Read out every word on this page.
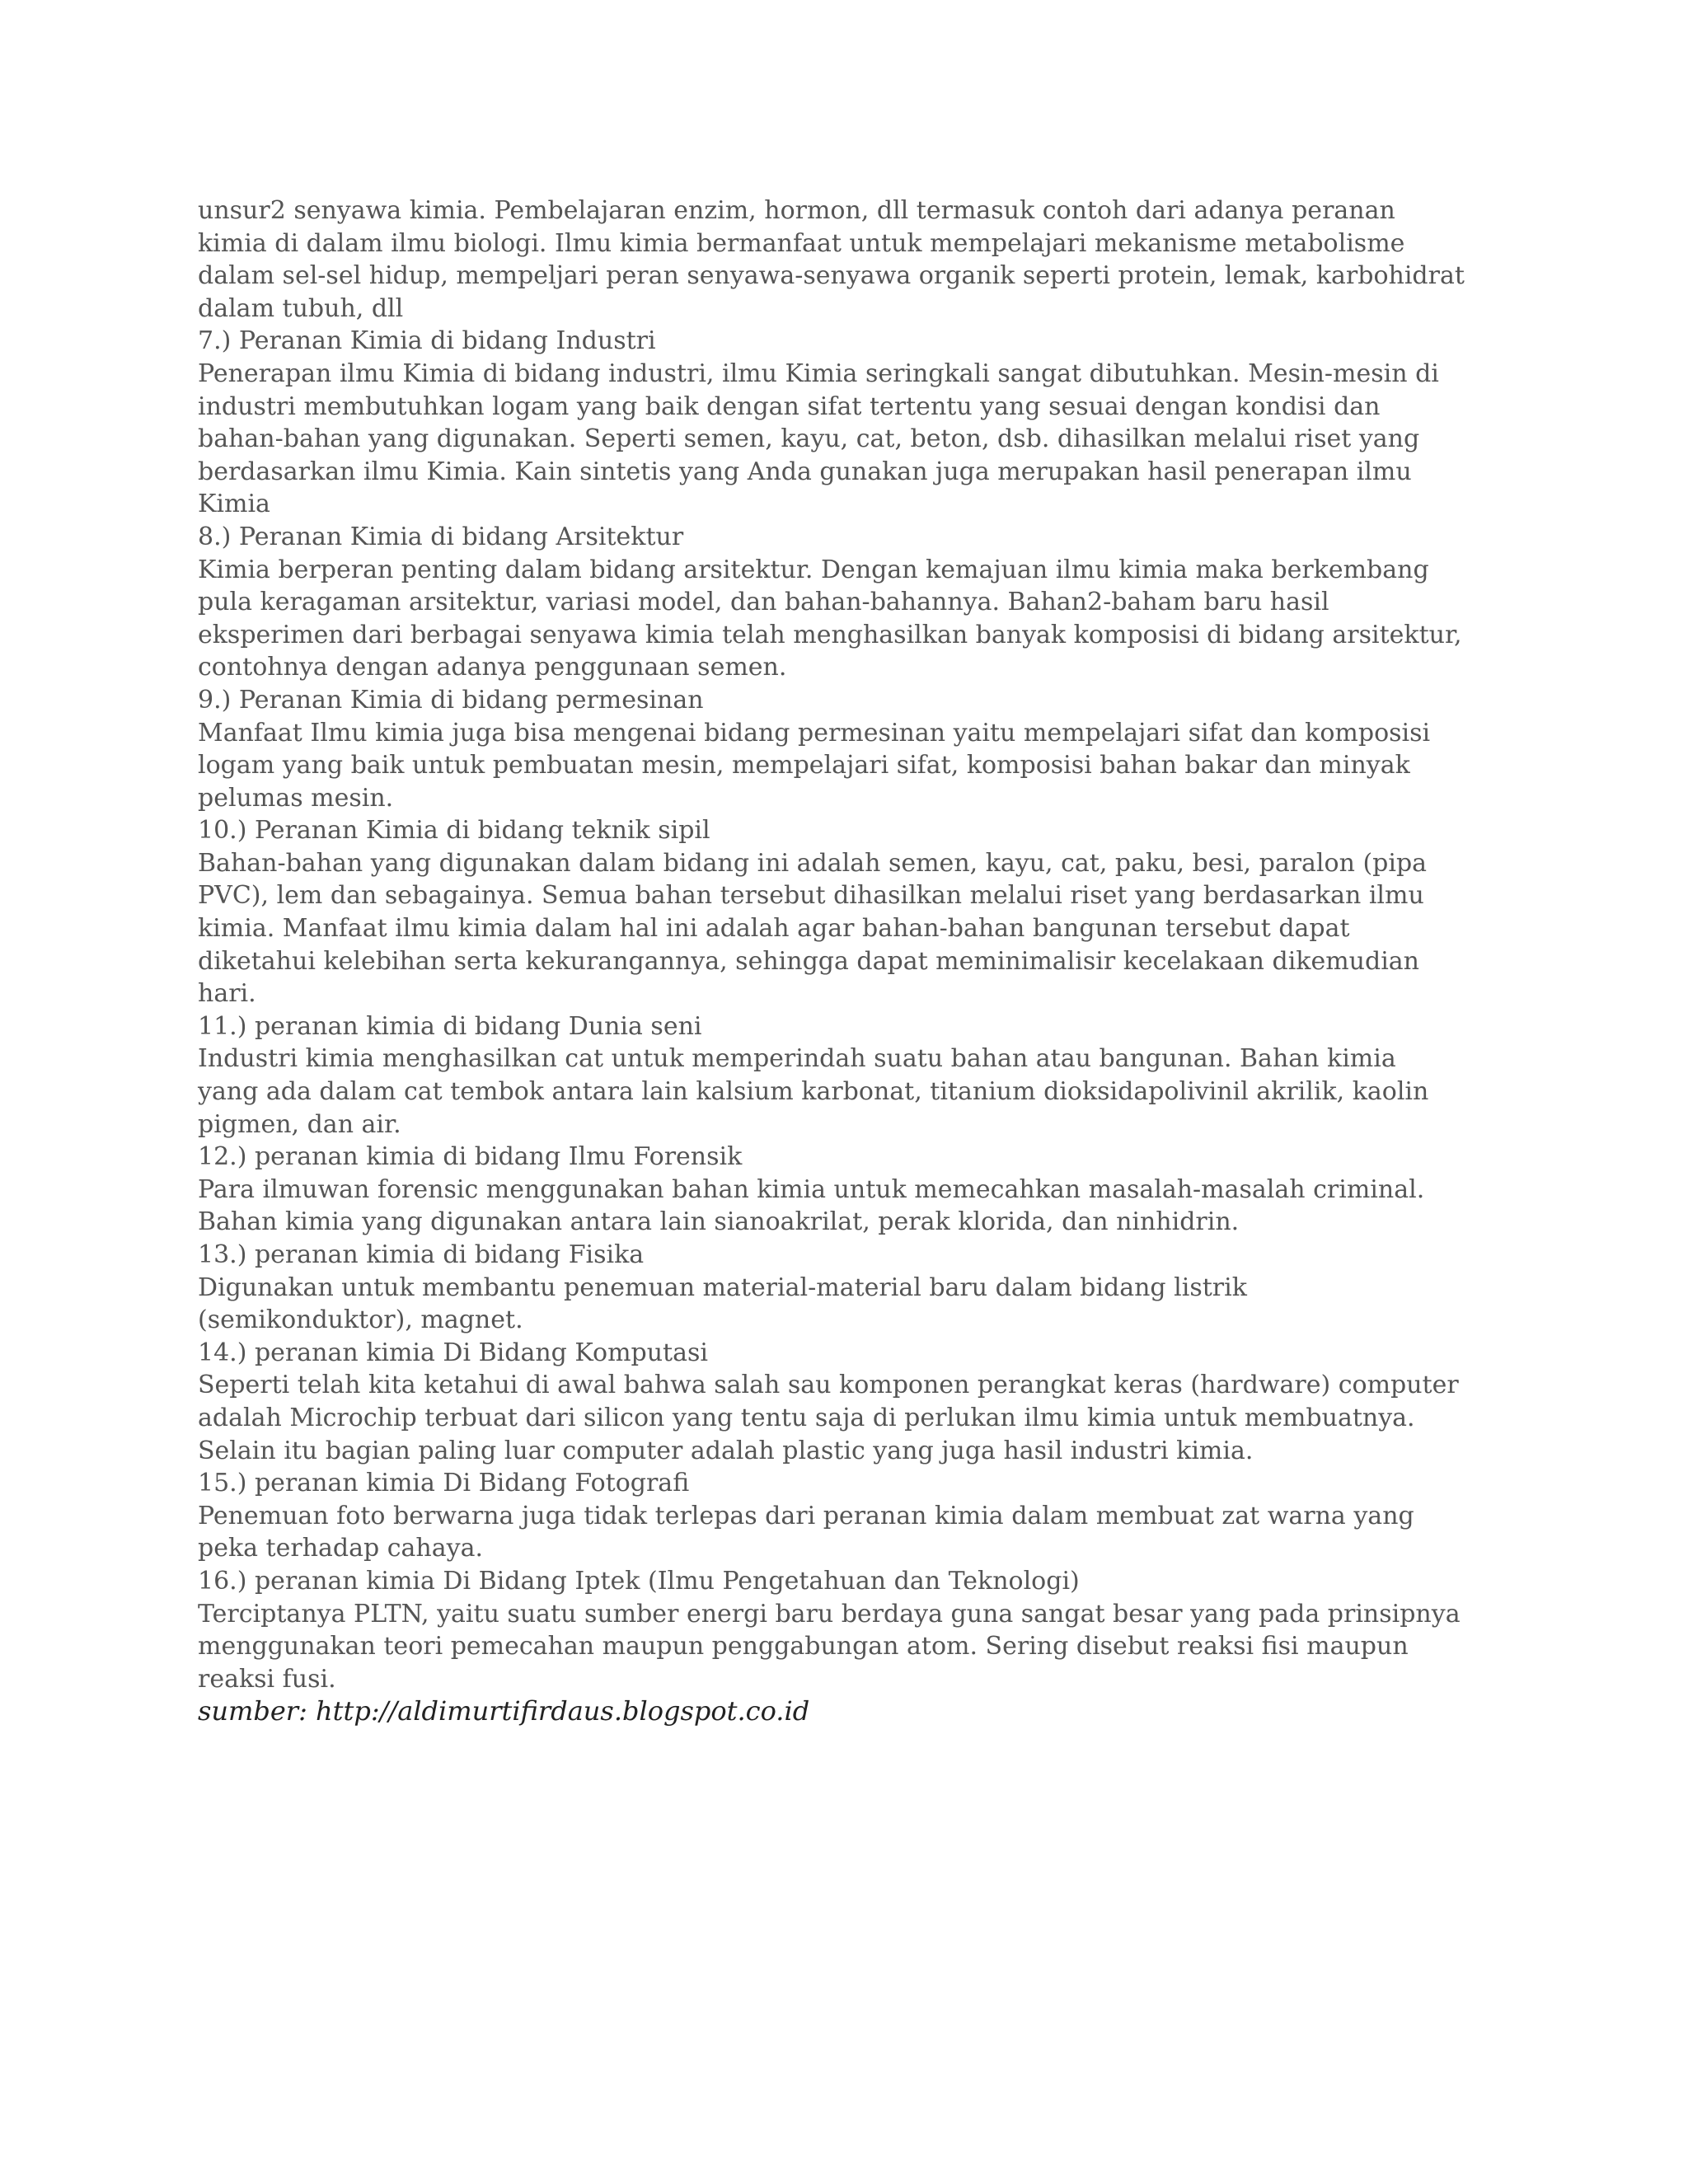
unsur2 senyawa kimia. Pembelajaran enzim, hormon, dll termasuk contoh dari adanya peranan
kimia di dalam ilmu biologi. Ilmu kimia bermanfaat untuk mempelajari mekanisme metabolisme
dalam sel-sel hidup, mempeljari peran senyawa-senyawa organik seperti protein, lemak, karbohidrat
dalam tubuh, dll
7.) Peranan Kimia di bidang Industri
Penerapan ilmu Kimia di bidang industri, ilmu Kimia seringkali sangat dibutuhkan. Mesin-mesin di
industri membutuhkan logam yang baik dengan sifat tertentu yang sesuai dengan kondisi dan
bahan-bahan yang digunakan. Seperti semen, kayu, cat, beton, dsb. dihasilkan melalui riset yang
berdasarkan ilmu Kimia. Kain sintetis yang Anda gunakan juga merupakan hasil penerapan ilmu
Kimia
8.) Peranan Kimia di bidang Arsitektur
Kimia berperan penting dalam bidang arsitektur. Dengan kemajuan ilmu kimia maka berkembang
pula keragaman arsitektur, variasi model, dan bahan-bahannya. Bahan2-baham baru hasil
eksperimen dari berbagai senyawa kimia telah menghasilkan banyak komposisi di bidang arsitektur,
contohnya dengan adanya penggunaan semen.
9.) Peranan Kimia di bidang permesinan
Manfaat Ilmu kimia juga bisa mengenai bidang permesinan yaitu mempelajari sifat dan komposisi
logam yang baik untuk pembuatan mesin, mempelajari sifat, komposisi bahan bakar dan minyak
pelumas mesin.
10.) Peranan Kimia di bidang teknik sipil
Bahan-bahan yang digunakan dalam bidang ini adalah semen, kayu, cat, paku, besi, paralon (pipa
PVC), lem dan sebagainya. Semua bahan tersebut dihasilkan melalui riset yang berdasarkan ilmu
kimia. Manfaat ilmu kimia dalam hal ini adalah agar bahan-bahan bangunan tersebut dapat
diketahui kelebihan serta kekurangannya, sehingga dapat meminimalisir kecelakaan dikemudian
hari.
11.) peranan kimia di bidang Dunia seni
Industri kimia menghasilkan cat untuk memperindah suatu bahan atau bangunan. Bahan kimia
yang ada dalam cat tembok antara lain kalsium karbonat, titanium dioksidapolivinil akrilik, kaolin
pigmen, dan air.
12.) peranan kimia di bidang Ilmu Forensik
Para ilmuwan forensic menggunakan bahan kimia untuk memecahkan masalah-masalah criminal.
Bahan kimia yang digunakan antara lain sianoakrilat, perak klorida, dan ninhidrin.
13.) peranan kimia di bidang Fisika
Digunakan untuk membantu penemuan material-material baru dalam bidang listrik
(semikonduktor), magnet.
14.) peranan kimia Di Bidang Komputasi
Seperti telah kita ketahui di awal bahwa salah sau komponen perangkat keras (hardware) computer
adalah Microchip terbuat dari silicon yang tentu saja di perlukan ilmu kimia untuk membuatnya.
Selain itu bagian paling luar computer adalah plastic yang juga hasil industri kimia.
15.) peranan kimia Di Bidang Fotografi
Penemuan foto berwarna juga tidak terlepas dari peranan kimia dalam membuat zat warna yang
peka terhadap cahaya.
16.) peranan kimia Di Bidang Iptek (Ilmu Pengetahuan dan Teknologi)
Terciptanya PLTN, yaitu suatu sumber energi baru berdaya guna sangat besar yang pada prinsipnya
menggunakan teori pemecahan maupun penggabungan atom. Sering disebut reaksi fisi maupun
reaksi fusi.
sumber: http://aldimurtifirdaus.blogspot.co.id
